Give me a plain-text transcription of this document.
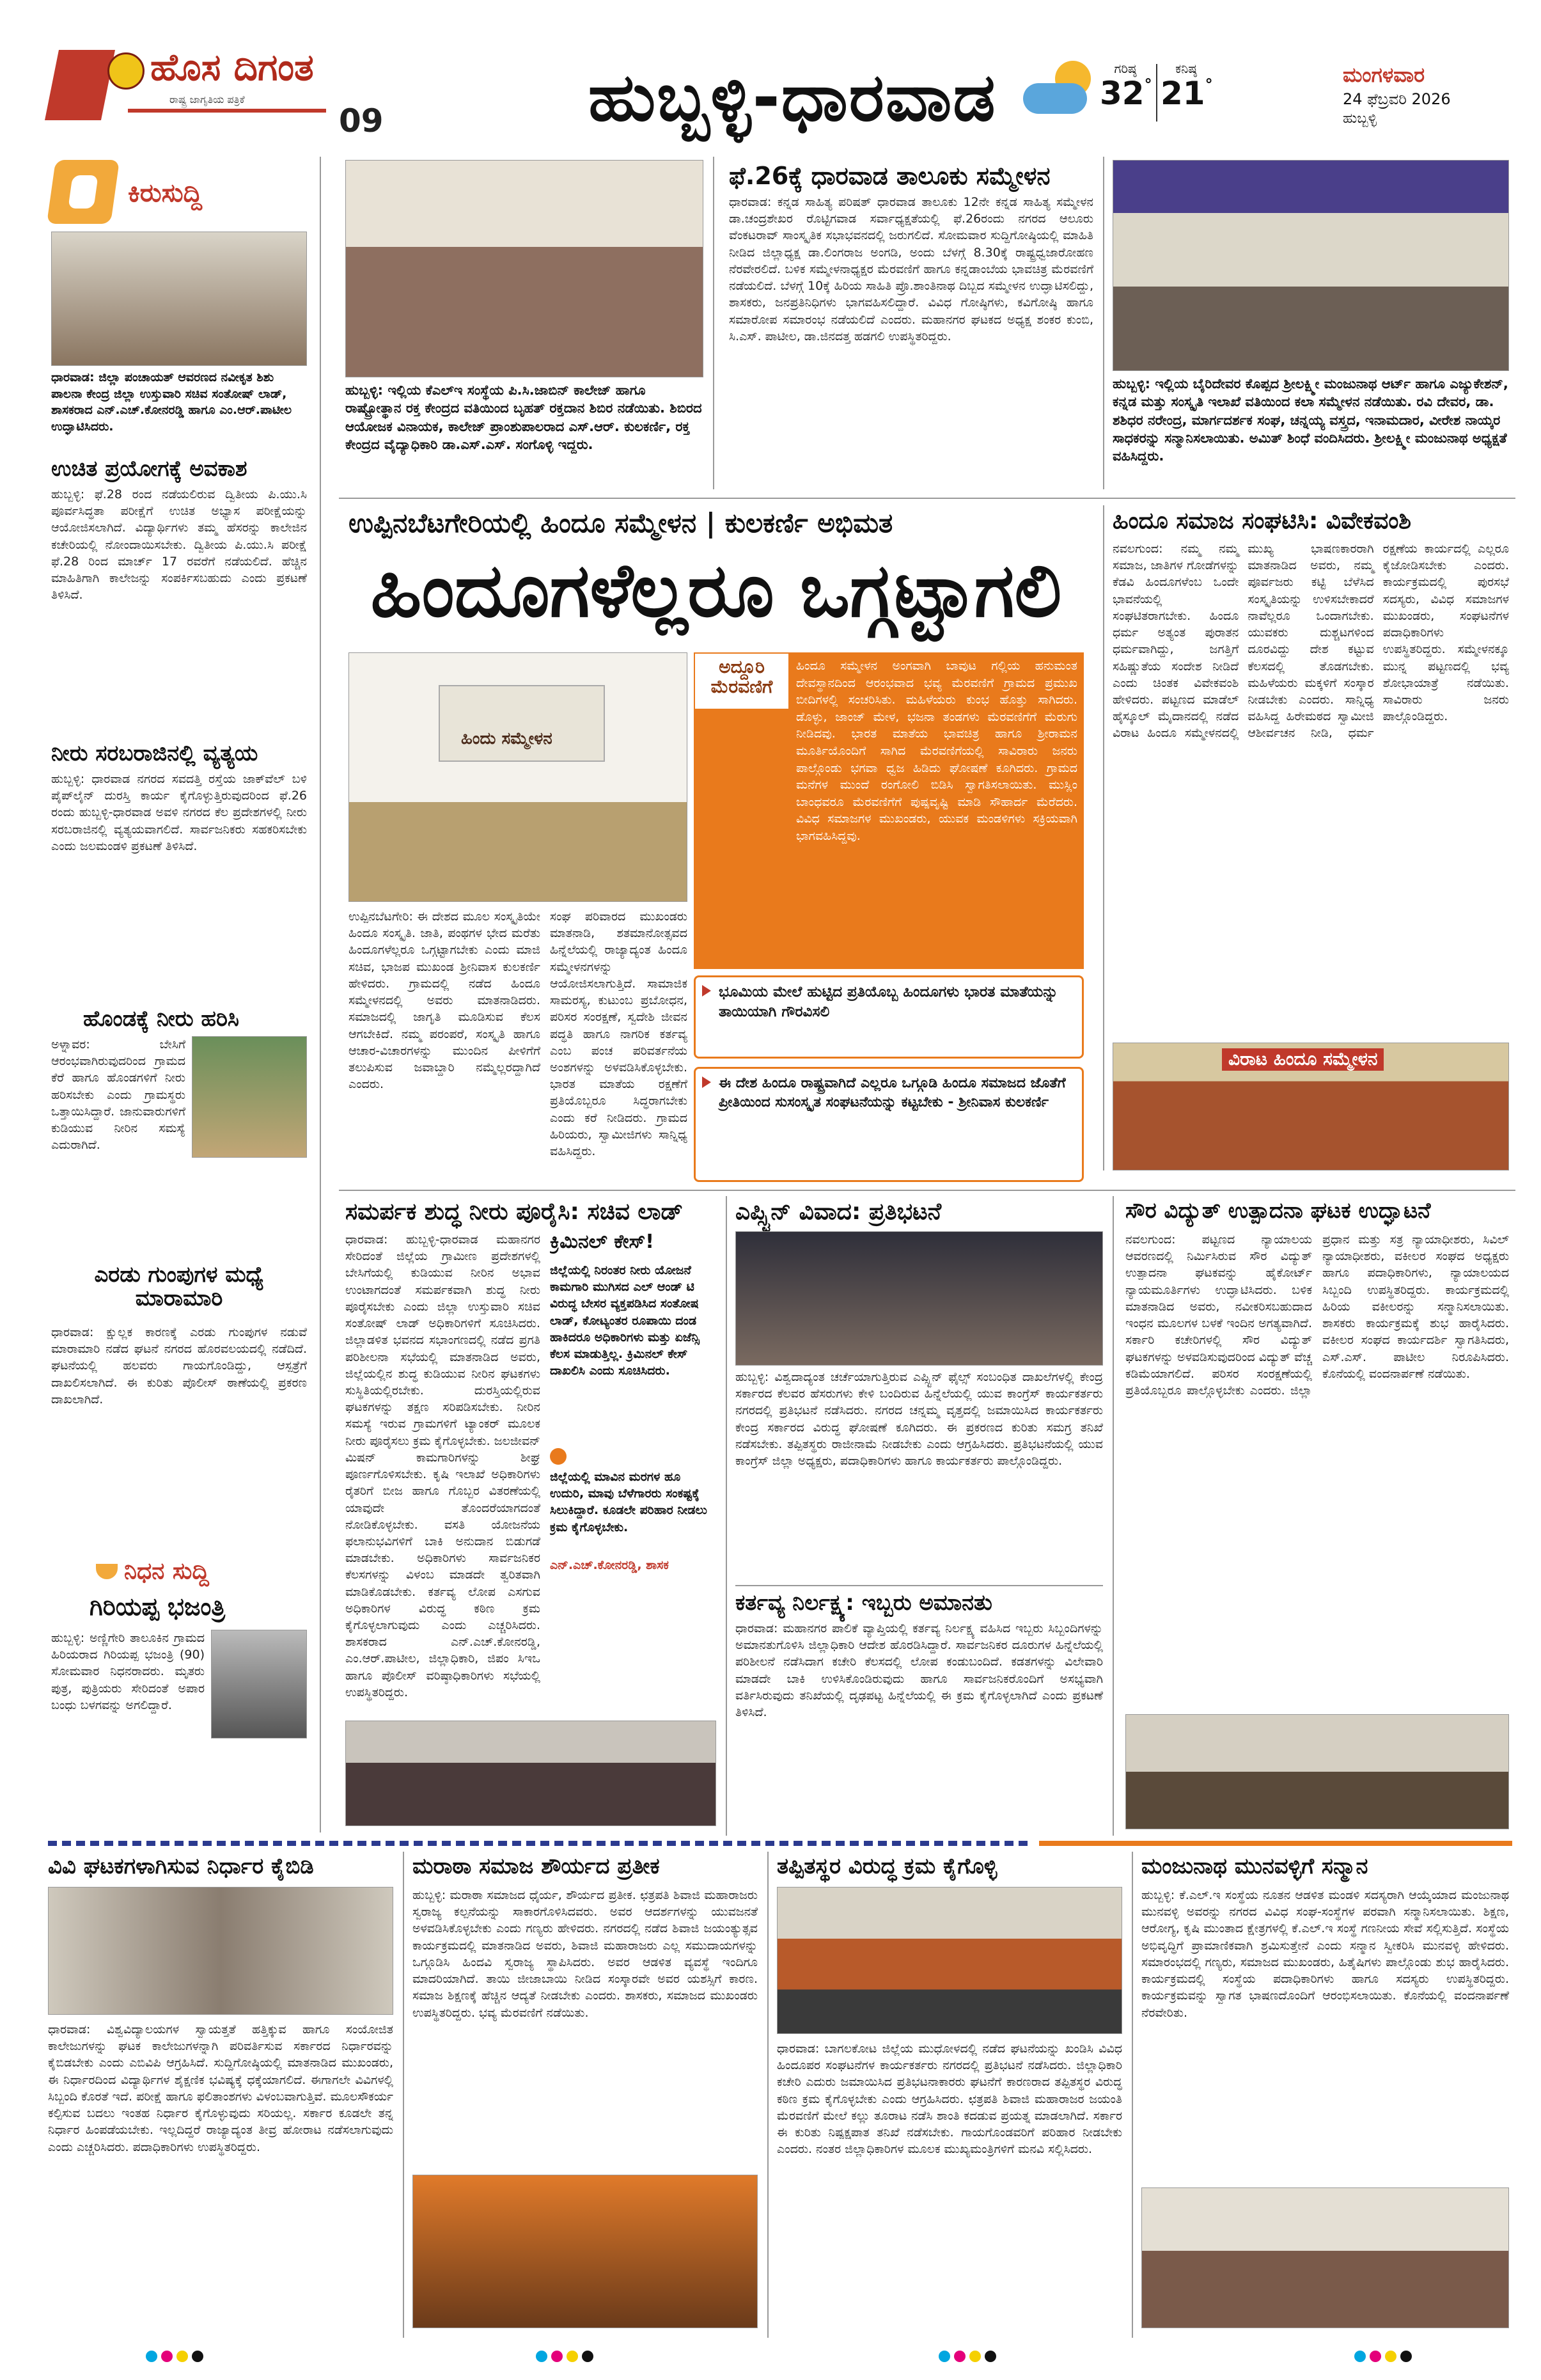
ಹೊಸ ದಿಗಂತ
ರಾಷ್ಟ್ರ ಜಾಗೃತಿಯ ಪತ್ರಿಕೆ
09	ಹುಬ್ಬಳ್ಳಿ-ಧಾರವಾಡ	ಗರಿಷ್ಠ
32°
ಕನಿಷ್ಠ
21°	ಮಂಗಳವಾರ
24 ಫೆಬ್ರವರಿ 2026
ಹುಬ್ಬಳ್ಳಿ
ಕಿರುಸುದ್ದಿ
ಧಾರವಾಡ: ಜಿಲ್ಲಾ ಪಂಚಾಯತ್ ಆವರಣದ ನವೀಕೃತ ಶಿಶು ಪಾಲನಾ ಕೇಂದ್ರ ಜಿಲ್ಲಾ ಉಸ್ತುವಾರಿ ಸಚಿವ ಸಂತೋಷ್ ಲಾಡ್, ಶಾಸಕರಾದ ಎನ್.ಎಚ್.ಕೋನರಡ್ಡಿ ಹಾಗೂ ಎಂ.ಆರ್.ಪಾಟೀಲ ಉದ್ಘಾಟಿಸಿದರು.
ಉಚಿತ ಪ್ರಯೋಗಕ್ಕೆ ಅವಕಾಶ
ಹುಬ್ಬಳ್ಳಿ: ಫೆ.28 ರಂದ ನಡೆಯಲಿರುವ ದ್ವಿತೀಯ ಪಿ.ಯು.ಸಿ ಪೂರ್ವಸಿದ್ಧತಾ ಪರೀಕ್ಷೆಗೆ ಉಚಿತ ಅಭ್ಯಾಸ ಪರೀಕ್ಷೆಯನ್ನು ಆಯೋಜಿಸಲಾಗಿದೆ. ವಿದ್ಯಾರ್ಥಿಗಳು ತಮ್ಮ ಹೆಸರನ್ನು ಕಾಲೇಜಿನ ಕಚೇರಿಯಲ್ಲಿ ನೋಂದಾಯಿಸಬೇಕು. ದ್ವಿತೀಯ ಪಿ.ಯು.ಸಿ ಪರೀಕ್ಷೆ ಫೆ.28 ರಿಂದ ಮಾರ್ಚ್ 17 ರವರೆಗೆ ನಡೆಯಲಿದೆ. ಹೆಚ್ಚಿನ ಮಾಹಿತಿಗಾಗಿ ಕಾಲೇಜನ್ನು ಸಂಪರ್ಕಿಸಬಹುದು ಎಂದು ಪ್ರಕಟಣೆ ತಿಳಿಸಿದೆ.
ನೀರು ಸರಬರಾಜಿನಲ್ಲಿ ವ್ಯತ್ಯಯ
ಹುಬ್ಬಳ್ಳಿ: ಧಾರವಾಡ ನಗರದ ಸವದತ್ತಿ ರಸ್ತೆಯ ಜಾಕ್‌ವೆಲ್ ಬಳಿ ಪೈಪ್‌ಲೈನ್ ದುರಸ್ತಿ ಕಾರ್ಯ ಕೈಗೊಳ್ಳುತ್ತಿರುವುದರಿಂದ ಫೆ.26 ರಂದು ಹುಬ್ಬಳ್ಳಿ-ಧಾರವಾಡ ಅವಳಿ ನಗರದ ಕೆಲ ಪ್ರದೇಶಗಳಲ್ಲಿ ನೀರು ಸರಬರಾಜಿನಲ್ಲಿ ವ್ಯತ್ಯಯವಾಗಲಿದೆ. ಸಾರ್ವಜನಿಕರು ಸಹಕರಿಸಬೇಕು ಎಂದು ಜಲಮಂಡಳಿ ಪ್ರಕಟಣೆ ತಿಳಿಸಿದೆ.
ಹೊಂಡಕ್ಕೆ ನೀರು ಹರಿಸಿ
ಅಳ್ನಾವರ: ಬೇಸಿಗೆ ಆರಂಭವಾಗಿರುವುದರಿಂದ ಗ್ರಾಮದ ಕೆರೆ ಹಾಗೂ ಹೊಂಡಗಳಿಗೆ ನೀರು ಹರಿಸಬೇಕು ಎಂದು ಗ್ರಾಮಸ್ಥರು ಒತ್ತಾಯಿಸಿದ್ದಾರೆ. ಜಾನುವಾರುಗಳಿಗೆ ಕುಡಿಯುವ ನೀರಿನ ಸಮಸ್ಯೆ ಎದುರಾಗಿದೆ.
ಎರಡು ಗುಂಪುಗಳ ಮಧ್ಯೆ ಮಾರಾಮಾರಿ
ಧಾರವಾಡ: ಕ್ಷುಲ್ಲಕ ಕಾರಣಕ್ಕೆ ಎರಡು ಗುಂಪುಗಳ ನಡುವೆ ಮಾರಾಮಾರಿ ನಡೆದ ಘಟನೆ ನಗರದ ಹೊರವಲಯದಲ್ಲಿ ನಡೆದಿದೆ. ಘಟನೆಯಲ್ಲಿ ಹಲವರು ಗಾಯಗೊಂಡಿದ್ದು, ಆಸ್ಪತ್ರೆಗೆ ದಾಖಲಿಸಲಾಗಿದೆ. ಈ ಕುರಿತು ಪೊಲೀಸ್ ಠಾಣೆಯಲ್ಲಿ ಪ್ರಕರಣ ದಾಖಲಾಗಿದೆ.
ನಿಧನ ಸುದ್ದಿ
ಗಿರಿಯಪ್ಪ ಭಜಂತ್ರಿ
ಹುಬ್ಬಳ್ಳಿ: ಅಣ್ಣಿಗೇರಿ ತಾಲೂಕಿನ ಗ್ರಾಮದ ಹಿರಿಯರಾದ ಗಿರಿಯಪ್ಪ ಭಜಂತ್ರಿ (90) ಸೋಮವಾರ ನಿಧನರಾದರು. ಮೃತರು ಪುತ್ರ, ಪುತ್ರಿಯರು ಸೇರಿದಂತೆ ಅಪಾರ ಬಂಧು ಬಳಗವನ್ನು ಅಗಲಿದ್ದಾರೆ.
ಹುಬ್ಬಳ್ಳಿ: ಇಲ್ಲಿಯ ಕೆಎಲ್‌ಇ ಸಂಸ್ಥೆಯ ಪಿ.ಸಿ.ಜಾಬಿನ್ ಕಾಲೇಜ್ ಹಾಗೂ ರಾಷ್ಟ್ರೋತ್ಥಾನ ರಕ್ತ ಕೇಂದ್ರದ ವತಿಯಿಂದ ಬೃಹತ್ ರಕ್ತದಾನ ಶಿಬಿರ ನಡೆಯಿತು. ಶಿಬಿರದ ಆಯೋಜಕ ವಿನಾಯಕ, ಕಾಲೇಜ್ ಪ್ರಾಂಶುಪಾಲರಾದ ಎಸ್.ಆರ್. ಕುಲಕರ್ಣಿ, ರಕ್ತ ಕೇಂದ್ರದ ವೈದ್ಯಾಧಿಕಾರಿ ಡಾ.ಎಸ್.ಎಸ್. ಸಂಗೊಳ್ಳಿ ಇದ್ದರು.
ಫೆ.26ಕ್ಕೆ ಧಾರವಾಡ ತಾಲೂಕು ಸಮ್ಮೇಳನ
ಧಾರವಾಡ: ಕನ್ನಡ ಸಾಹಿತ್ಯ ಪರಿಷತ್ ಧಾರವಾಡ ತಾಲೂಕು 12ನೇ ಕನ್ನಡ ಸಾಹಿತ್ಯ ಸಮ್ಮೇಳನ ಡಾ.ಚಂದ್ರಶೇಖರ ರೊಟ್ಟಿಗವಾಡ ಸರ್ವಾಧ್ಯಕ್ಷತೆಯಲ್ಲಿ ಫೆ.26ರಂದು ನಗರದ ಆಲೂರು ವೆಂಕಟರಾವ್ ಸಾಂಸ್ಕೃತಿಕ ಸಭಾಭವನದಲ್ಲಿ ಜರುಗಲಿದೆ. ಸೋಮವಾರ ಸುದ್ದಿಗೋಷ್ಠಿಯಲ್ಲಿ ಮಾಹಿತಿ ನೀಡಿದ ಜಿಲ್ಲಾಧ್ಯಕ್ಷ ಡಾ.ಲಿಂಗರಾಜ ಅಂಗಡಿ, ಅಂದು ಬೆಳಗ್ಗೆ 8.30ಕ್ಕೆ ರಾಷ್ಟ್ರಧ್ವಜಾರೋಹಣ ನೆರವೇರಲಿದೆ. ಬಳಿಕ ಸಮ್ಮೇಳನಾಧ್ಯಕ್ಷರ ಮೆರವಣಿಗೆ ಹಾಗೂ ಕನ್ನಡಾಂಬೆಯ ಭಾವಚಿತ್ರ ಮೆರವಣಿಗೆ ನಡೆಯಲಿದೆ. ಬೆಳಗ್ಗೆ 10ಕ್ಕೆ ಹಿರಿಯ ಸಾಹಿತಿ ಪ್ರೊ.ಶಾಂತಿನಾಥ ದಿಬ್ಬದ ಸಮ್ಮೇಳನ ಉದ್ಘಾಟಿಸಲಿದ್ದು, ಶಾಸಕರು, ಜನಪ್ರತಿನಿಧಿಗಳು ಭಾಗವಹಿಸಲಿದ್ದಾರೆ. ವಿವಿಧ ಗೋಷ್ಠಿಗಳು, ಕವಿಗೋಷ್ಠಿ ಹಾಗೂ ಸಮಾರೋಪ ಸಮಾರಂಭ ನಡೆಯಲಿದೆ ಎಂದರು. ಮಹಾನಗರ ಘಟಕದ ಅಧ್ಯಕ್ಷ ಶಂಕರ ಕುಂಬಿ, ಸಿ.ಎಸ್. ಪಾಟೀಲ, ಡಾ.ಜಿನದತ್ತ ಹಡಗಲಿ ಉಪಸ್ಥಿತರಿದ್ದರು.
ಹುಬ್ಬಳ್ಳಿ: ಇಲ್ಲಿಯ ಬೈರಿದೇವರ ಕೊಪ್ಪದ ಶ್ರೀಲಕ್ಷ್ಮೀ ಮಂಜುನಾಥ ಆರ್ಟ್ ಹಾಗೂ ಎಜ್ಯುಕೇಶನ್, ಕನ್ನಡ ಮತ್ತು ಸಂಸ್ಕೃತಿ ಇಲಾಖೆ ವತಿಯಿಂದ ಕಲಾ ಸಮ್ಮೇಳನ ನಡೆಯಿತು. ರವಿ ದೇವರ, ಡಾ. ಶಶಿಧರ ನರೇಂದ್ರ, ಮಾರ್ಗದರ್ಶಕ ಸಂಘ, ಚನ್ನಯ್ಯ ವಸ್ತ್ರದ, ಇನಾಮದಾರ, ವೀರೇಶ ನಾಯ್ಕರ ಸಾಧಕರನ್ನು ಸನ್ಮಾನಿಸಲಾಯಿತು. ಅಮಿತ್ ಶಿಂಧೆ ವಂದಿಸಿದರು. ಶ್ರೀಲಕ್ಷ್ಮೀ ಮಂಜುನಾಥ ಅಧ್ಯಕ್ಷತೆ ವಹಿಸಿದ್ದರು.
ಉಪ್ಪಿನಬೆಟಗೇರಿಯಲ್ಲಿ ಹಿಂದೂ ಸಮ್ಮೇಳನ | ಕುಲಕರ್ಣಿ ಅಭಿಮತ
ಹಿಂದೂಗಳೆಲ್ಲರೂ ಒಗ್ಗಟ್ಟಾಗಲಿ
ಹಿಂದು ಸಮ್ಮೇಳನ
ಅದ್ದೂರಿ ಮೆರವಣಿಗೆ
ಹಿಂದೂ ಸಮ್ಮೇಳನ ಅಂಗವಾಗಿ ಬಾವುಟ ಗಲ್ಲಿಯ ಹನುಮಂತ ದೇವಸ್ಥಾನದಿಂದ ಆರಂಭವಾದ ಭವ್ಯ ಮೆರವಣಿಗೆ ಗ್ರಾಮದ ಪ್ರಮುಖ ಬೀದಿಗಳಲ್ಲಿ ಸಂಚರಿಸಿತು. ಮಹಿಳೆಯರು ಕುಂಭ ಹೊತ್ತು ಸಾಗಿದರು. ಡೊಳ್ಳು, ಜಾಂಜ್ ಮೇಳ, ಭಜನಾ ತಂಡಗಳು ಮೆರವಣಿಗೆಗೆ ಮೆರುಗು ನೀಡಿದವು. ಭಾರತ ಮಾತೆಯ ಭಾವಚಿತ್ರ ಹಾಗೂ ಶ್ರೀರಾಮನ ಮೂರ್ತಿಯೊಂದಿಗೆ ಸಾಗಿದ ಮೆರವಣಿಗೆಯಲ್ಲಿ ಸಾವಿರಾರು ಜನರು ಪಾಲ್ಗೊಂಡು ಭಗವಾ ಧ್ವಜ ಹಿಡಿದು ಘೋಷಣೆ ಕೂಗಿದರು. ಗ್ರಾಮದ ಮನೆಗಳ ಮುಂದೆ ರಂಗೋಲಿ ಬಿಡಿಸಿ ಸ್ವಾಗತಿಸಲಾಯಿತು. ಮುಸ್ಲಿಂ ಬಾಂಧವರೂ ಮೆರವಣಿಗೆಗೆ ಪುಷ್ಪವೃಷ್ಟಿ ಮಾಡಿ ಸೌಹಾರ್ದ ಮೆರೆದರು. ವಿವಿಧ ಸಮಾಜಗಳ ಮುಖಂಡರು, ಯುವಕ ಮಂಡಳಿಗಳು ಸಕ್ರಿಯವಾಗಿ ಭಾಗವಹಿಸಿದ್ದವು.
ಉಪ್ಪಿನಬೆಟಗೇರಿ: ಈ ದೇಶದ ಮೂಲ ಸಂಸ್ಕೃತಿಯೇ ಹಿಂದೂ ಸಂಸ್ಕೃತಿ. ಜಾತಿ, ಪಂಥಗಳ ಭೇದ ಮರೆತು ಹಿಂದೂಗಳೆಲ್ಲರೂ ಒಗ್ಗಟ್ಟಾಗಬೇಕು ಎಂದು ಮಾಜಿ ಸಚಿವ, ಭಾಜಪ ಮುಖಂಡ ಶ್ರೀನಿವಾಸ ಕುಲಕರ್ಣಿ ಹೇಳಿದರು. ಗ್ರಾಮದಲ್ಲಿ ನಡೆದ ಹಿಂದೂ ಸಮ್ಮೇಳನದಲ್ಲಿ ಅವರು ಮಾತನಾಡಿದರು. ಸಮಾಜದಲ್ಲಿ ಜಾಗೃತಿ ಮೂಡಿಸುವ ಕೆಲಸ ಆಗಬೇಕಿದೆ. ನಮ್ಮ ಪರಂಪರೆ, ಸಂಸ್ಕೃತಿ ಹಾಗೂ ಆಚಾರ-ವಿಚಾರಗಳನ್ನು ಮುಂದಿನ ಪೀಳಿಗೆಗೆ ತಲುಪಿಸುವ ಜವಾಬ್ದಾರಿ ನಮ್ಮೆಲ್ಲರದ್ದಾಗಿದೆ ಎಂದರು.
ಸಂಘ ಪರಿವಾರದ ಮುಖಂಡರು ಮಾತನಾಡಿ, ಶತಮಾನೋತ್ಸವದ ಹಿನ್ನೆಲೆಯಲ್ಲಿ ರಾಜ್ಯಾದ್ಯಂತ ಹಿಂದೂ ಸಮ್ಮೇಳನಗಳನ್ನು ಆಯೋಜಿಸಲಾಗುತ್ತಿದೆ. ಸಾಮಾಜಿಕ ಸಾಮರಸ್ಯ, ಕುಟುಂಬ ಪ್ರಬೋಧನ, ಪರಿಸರ ಸಂರಕ್ಷಣೆ, ಸ್ವದೇಶಿ ಜೀವನ ಪದ್ಧತಿ ಹಾಗೂ ನಾಗರಿಕ ಕರ್ತವ್ಯ ಎಂಬ ಪಂಚ ಪರಿವರ್ತನೆಯ ಅಂಶಗಳನ್ನು ಅಳವಡಿಸಿಕೊಳ್ಳಬೇಕು. ಭಾರತ ಮಾತೆಯ ರಕ್ಷಣೆಗೆ ಪ್ರತಿಯೊಬ್ಬರೂ ಸಿದ್ಧರಾಗಬೇಕು ಎಂದು ಕರೆ ನೀಡಿದರು. ಗ್ರಾಮದ ಹಿರಿಯರು, ಸ್ವಾಮೀಜಿಗಳು ಸಾನ್ನಿಧ್ಯ ವಹಿಸಿದ್ದರು.
ಭೂಮಿಯ ಮೇಲೆ ಹುಟ್ಟಿದ ಪ್ರತಿಯೊಬ್ಬ ಹಿಂದೂಗಳು ಭಾರತ ಮಾತೆಯನ್ನು ತಾಯಿಯಾಗಿ ಗೌರವಿಸಲಿ
ಈ ದೇಶ ಹಿಂದೂ ರಾಷ್ಟ್ರವಾಗಿದೆ ಎಲ್ಲರೂ ಒಗ್ಗೂಡಿ ಹಿಂದೂ ಸಮಾಜದ ಜೊತೆಗೆ ಪ್ರೀತಿಯಿಂದ ಸುಸಂಸ್ಕೃತ ಸಂಘಟನೆಯನ್ನು ಕಟ್ಟಬೇಕು - ಶ್ರೀನಿವಾಸ ಕುಲಕರ್ಣಿ
ಹಿಂದೂ ಸಮಾಜ ಸಂಘಟಿಸಿ: ವಿವೇಕವಂಶಿ
ನವಲಗುಂದ: ನಮ್ಮ ನಮ್ಮ ಸಮಾಜ, ಜಾತಿಗಳ ಗೋಡೆಗಳನ್ನು ಕೆಡವಿ ಹಿಂದೂಗಳೆಂಬ ಒಂದೇ ಭಾವನೆಯಲ್ಲಿ ಸಂಘಟಿತರಾಗಬೇಕು. ಹಿಂದೂ ಧರ್ಮ ಅತ್ಯಂತ ಪುರಾತನ ಧರ್ಮವಾಗಿದ್ದು, ಜಗತ್ತಿಗೆ ಸಹಿಷ್ಣುತೆಯ ಸಂದೇಶ ನೀಡಿದೆ ಎಂದು ಚಿಂತಕ ವಿವೇಕವಂಶಿ ಹೇಳಿದರು. ಪಟ್ಟಣದ ಮಾಡೆಲ್ ಹೈಸ್ಕೂಲ್ ಮೈದಾನದಲ್ಲಿ ನಡೆದ ವಿರಾಟ ಹಿಂದೂ ಸಮ್ಮೇಳನದಲ್ಲಿ ಮುಖ್ಯ ಭಾಷಣಕಾರರಾಗಿ ಮಾತನಾಡಿದ ಅವರು, ನಮ್ಮ ಪೂರ್ವಜರು ಕಟ್ಟಿ ಬೆಳೆಸಿದ ಸಂಸ್ಕೃತಿಯನ್ನು ಉಳಿಸಬೇಕಾದರೆ ನಾವೆಲ್ಲರೂ ಒಂದಾಗಬೇಕು. ಯುವಕರು ದುಶ್ಚಟಗಳಿಂದ ದೂರವಿದ್ದು ದೇಶ ಕಟ್ಟುವ ಕೆಲಸದಲ್ಲಿ ತೊಡಗಬೇಕು. ಮಹಿಳೆಯರು ಮಕ್ಕಳಿಗೆ ಸಂಸ್ಕಾರ ನೀಡಬೇಕು ಎಂದರು. ಸಾನ್ನಿಧ್ಯ ವಹಿಸಿದ್ದ ಹಿರೇಮಠದ ಸ್ವಾಮೀಜಿ ಆಶೀರ್ವಚನ ನೀಡಿ, ಧರ್ಮ ರಕ್ಷಣೆಯ ಕಾರ್ಯದಲ್ಲಿ ಎಲ್ಲರೂ ಕೈಜೋಡಿಸಬೇಕು ಎಂದರು. ಕಾರ್ಯಕ್ರಮದಲ್ಲಿ ಪುರಸಭೆ ಸದಸ್ಯರು, ವಿವಿಧ ಸಮಾಜಗಳ ಮುಖಂಡರು, ಸಂಘಟನೆಗಳ ಪದಾಧಿಕಾರಿಗಳು ಉಪಸ್ಥಿತರಿದ್ದರು. ಸಮ್ಮೇಳನಕ್ಕೂ ಮುನ್ನ ಪಟ್ಟಣದಲ್ಲಿ ಭವ್ಯ ಶೋಭಾಯಾತ್ರೆ ನಡೆಯಿತು. ಸಾವಿರಾರು ಜನರು ಪಾಲ್ಗೊಂಡಿದ್ದರು.
ವಿರಾಟ ಹಿಂದೂ ಸಮ್ಮೇಳನ
ಸಮರ್ಪಕ ಶುದ್ಧ ನೀರು ಪೂರೈಸಿ: ಸಚಿವ ಲಾಡ್
ಧಾರವಾಡ: ಹುಬ್ಬಳ್ಳಿ-ಧಾರವಾಡ ಮಹಾನಗರ ಸೇರಿದಂತೆ ಜಿಲ್ಲೆಯ ಗ್ರಾಮೀಣ ಪ್ರದೇಶಗಳಲ್ಲಿ ಬೇಸಿಗೆಯಲ್ಲಿ ಕುಡಿಯುವ ನೀರಿನ ಅಭಾವ ಉಂಟಾಗದಂತೆ ಸಮರ್ಪಕವಾಗಿ ಶುದ್ಧ ನೀರು ಪೂರೈಸಬೇಕು ಎಂದು ಜಿಲ್ಲಾ ಉಸ್ತುವಾರಿ ಸಚಿವ ಸಂತೋಷ್ ಲಾಡ್ ಅಧಿಕಾರಿಗಳಿಗೆ ಸೂಚಿಸಿದರು. ಜಿಲ್ಲಾಡಳಿತ ಭವನದ ಸಭಾಂಗಣದಲ್ಲಿ ನಡೆದ ಪ್ರಗತಿ ಪರಿಶೀಲನಾ ಸಭೆಯಲ್ಲಿ ಮಾತನಾಡಿದ ಅವರು, ಜಿಲ್ಲೆಯಲ್ಲಿನ ಶುದ್ಧ ಕುಡಿಯುವ ನೀರಿನ ಘಟಕಗಳು ಸುಸ್ಥಿತಿಯಲ್ಲಿರಬೇಕು. ದುರಸ್ತಿಯಲ್ಲಿರುವ ಘಟಕಗಳನ್ನು ತಕ್ಷಣ ಸರಿಪಡಿಸಬೇಕು. ನೀರಿನ ಸಮಸ್ಯೆ ಇರುವ ಗ್ರಾಮಗಳಿಗೆ ಟ್ಯಾಂಕರ್ ಮೂಲಕ ನೀರು ಪೂರೈಸಲು ಕ್ರಮ ಕೈಗೊಳ್ಳಬೇಕು. ಜಲಜೀವನ್ ಮಿಷನ್ ಕಾಮಗಾರಿಗಳನ್ನು ಶೀಘ್ರ ಪೂರ್ಣಗೊಳಿಸಬೇಕು. ಕೃಷಿ ಇಲಾಖೆ ಅಧಿಕಾರಿಗಳು ರೈತರಿಗೆ ಬೀಜ ಹಾಗೂ ಗೊಬ್ಬರ ವಿತರಣೆಯಲ್ಲಿ ಯಾವುದೇ ತೊಂದರೆಯಾಗದಂತೆ ನೋಡಿಕೊಳ್ಳಬೇಕು. ವಸತಿ ಯೋಜನೆಯ ಫಲಾನುಭವಿಗಳಿಗೆ ಬಾಕಿ ಅನುದಾನ ಬಿಡುಗಡೆ ಮಾಡಬೇಕು. ಅಧಿಕಾರಿಗಳು ಸಾರ್ವಜನಿಕರ ಕೆಲಸಗಳನ್ನು ವಿಳಂಬ ಮಾಡದೇ ತ್ವರಿತವಾಗಿ ಮಾಡಿಕೊಡಬೇಕು. ಕರ್ತವ್ಯ ಲೋಪ ಎಸಗುವ ಅಧಿಕಾರಿಗಳ ವಿರುದ್ಧ ಕಠಿಣ ಕ್ರಮ ಕೈಗೊಳ್ಳಲಾಗುವುದು ಎಂದು ಎಚ್ಚರಿಸಿದರು. ಶಾಸಕರಾದ ಎನ್.ಎಚ್.ಕೋನರಡ್ಡಿ, ಎಂ.ಆರ್.ಪಾಟೀಲ, ಜಿಲ್ಲಾಧಿಕಾರಿ, ಜಿಪಂ ಸಿಇಒ ಹಾಗೂ ಪೊಲೀಸ್ ವರಿಷ್ಠಾಧಿಕಾರಿಗಳು ಸಭೆಯಲ್ಲಿ ಉಪಸ್ಥಿತರಿದ್ದರು.
ಕ್ರಿಮಿನಲ್ ಕೇಸ್!
ಜಿಲ್ಲೆಯಲ್ಲಿ ನಿರಂತರ ನೀರು ಯೋಜನೆ ಕಾಮಗಾರಿ ಮುಗಿಸದ ಎಲ್ ಆಂಡ್ ಟಿ ವಿರುದ್ಧ ಬೇಸರ ವ್ಯಕ್ತಪಡಿಸಿದ ಸಂತೋಷ ಲಾಡ್, ಕೋಟ್ಯಂತರ ರೂಪಾಯಿ ದಂಡ ಹಾಕಿದರೂ ಅಧಿಕಾರಿಗಳು ಮತ್ತು ಏಜೆನ್ಸಿ ಕೆಲಸ ಮಾಡುತ್ತಿಲ್ಲ. ಕ್ರಿಮಿನಲ್ ಕೇಸ್ ದಾಖಲಿಸಿ ಎಂದು ಸೂಚಿಸಿದರು.
ಜಿಲ್ಲೆಯಲ್ಲಿ ಮಾವಿನ ಮರಗಳ ಹೂ ಉದುರಿ, ಮಾವು ಬೆಳೆಗಾರರು ಸಂಕಷ್ಟಕ್ಕೆ ಸಿಲುಕಿದ್ದಾರೆ. ಕೂಡಲೇ ಪರಿಹಾರ ನೀಡಲು ಕ್ರಮ ಕೈಗೊಳ್ಳಬೇಕು.
ಎನ್.ಎಚ್.ಕೋನರಡ್ಡಿ, ಶಾಸಕ
ಎಪ್ಸ್ಟಿನ್ ವಿವಾದ: ಪ್ರತಿಭಟನೆ
ಹುಬ್ಬಳ್ಳಿ: ವಿಶ್ವದಾದ್ಯಂತ ಚರ್ಚೆಯಾಗುತ್ತಿರುವ ಎಪ್ಸ್ಟಿನ್ ಫೈಲ್ಸ್ ಸಂಬಂಧಿತ ದಾಖಲೆಗಳಲ್ಲಿ ಕೇಂದ್ರ ಸರ್ಕಾರದ ಕೆಲವರ ಹೆಸರುಗಳು ಕೇಳಿ ಬಂದಿರುವ ಹಿನ್ನೆಲೆಯಲ್ಲಿ ಯುವ ಕಾಂಗ್ರೆಸ್ ಕಾರ್ಯಕರ್ತರು ನಗರದಲ್ಲಿ ಪ್ರತಿಭಟನೆ ನಡೆಸಿದರು. ನಗರದ ಚನ್ನಮ್ಮ ವೃತ್ತದಲ್ಲಿ ಜಮಾಯಿಸಿದ ಕಾರ್ಯಕರ್ತರು ಕೇಂದ್ರ ಸರ್ಕಾರದ ವಿರುದ್ಧ ಘೋಷಣೆ ಕೂಗಿದರು. ಈ ಪ್ರಕರಣದ ಕುರಿತು ಸಮಗ್ರ ತನಿಖೆ ನಡೆಸಬೇಕು. ತಪ್ಪಿತಸ್ಥರು ರಾಜೀನಾಮೆ ನೀಡಬೇಕು ಎಂದು ಆಗ್ರಹಿಸಿದರು. ಪ್ರತಿಭಟನೆಯಲ್ಲಿ ಯುವ ಕಾಂಗ್ರೆಸ್ ಜಿಲ್ಲಾ ಅಧ್ಯಕ್ಷರು, ಪದಾಧಿಕಾರಿಗಳು ಹಾಗೂ ಕಾರ್ಯಕರ್ತರು ಪಾಲ್ಗೊಂಡಿದ್ದರು.
ಕರ್ತವ್ಯ ನಿರ್ಲಕ್ಷ್ಯ: ಇಬ್ಬರು ಅಮಾನತು
ಧಾರವಾಡ: ಮಹಾನಗರ ಪಾಲಿಕೆ ವ್ಯಾಪ್ತಿಯಲ್ಲಿ ಕರ್ತವ್ಯ ನಿರ್ಲಕ್ಷ್ಯ ವಹಿಸಿದ ಇಬ್ಬರು ಸಿಬ್ಬಂದಿಗಳನ್ನು ಅಮಾನತುಗೊಳಿಸಿ ಜಿಲ್ಲಾಧಿಕಾರಿ ಆದೇಶ ಹೊರಡಿಸಿದ್ದಾರೆ. ಸಾರ್ವಜನಿಕರ ದೂರುಗಳ ಹಿನ್ನೆಲೆಯಲ್ಲಿ ಪರಿಶೀಲನೆ ನಡೆಸಿದಾಗ ಕಚೇರಿ ಕೆಲಸದಲ್ಲಿ ಲೋಪ ಕಂಡುಬಂದಿದೆ. ಕಡತಗಳನ್ನು ವಿಲೇವಾರಿ ಮಾಡದೇ ಬಾಕಿ ಉಳಿಸಿಕೊಂಡಿರುವುದು ಹಾಗೂ ಸಾರ್ವಜನಿಕರೊಂದಿಗೆ ಅಸಭ್ಯವಾಗಿ ವರ್ತಿಸಿರುವುದು ತನಿಖೆಯಲ್ಲಿ ದೃಢಪಟ್ಟ ಹಿನ್ನೆಲೆಯಲ್ಲಿ ಈ ಕ್ರಮ ಕೈಗೊಳ್ಳಲಾಗಿದೆ ಎಂದು ಪ್ರಕಟಣೆ ತಿಳಿಸಿದೆ.
ಸೌರ ವಿದ್ಯುತ್ ಉತ್ಪಾದನಾ ಘಟಕ ಉದ್ಘಾಟನೆ
ನವಲಗುಂದ: ಪಟ್ಟಣದ ನ್ಯಾಯಾಲಯ ಆವರಣದಲ್ಲಿ ನಿರ್ಮಿಸಿರುವ ಸೌರ ವಿದ್ಯುತ್ ಉತ್ಪಾದನಾ ಘಟಕವನ್ನು ಹೈಕೋರ್ಟ್ ನ್ಯಾಯಮೂರ್ತಿಗಳು ಉದ್ಘಾಟಿಸಿದರು. ಬಳಿಕ ಮಾತನಾಡಿದ ಅವರು, ನವೀಕರಿಸಬಹುದಾದ ಇಂಧನ ಮೂಲಗಳ ಬಳಕೆ ಇಂದಿನ ಅಗತ್ಯವಾಗಿದೆ. ಸರ್ಕಾರಿ ಕಚೇರಿಗಳಲ್ಲಿ ಸೌರ ವಿದ್ಯುತ್ ಘಟಕಗಳನ್ನು ಅಳವಡಿಸುವುದರಿಂದ ವಿದ್ಯುತ್ ವೆಚ್ಚ ಕಡಿಮೆಯಾಗಲಿದೆ. ಪರಿಸರ ಸಂರಕ್ಷಣೆಯಲ್ಲಿ ಪ್ರತಿಯೊಬ್ಬರೂ ಪಾಲ್ಗೊಳ್ಳಬೇಕು ಎಂದರು. ಜಿಲ್ಲಾ ಪ್ರಧಾನ ಮತ್ತು ಸತ್ರ ನ್ಯಾಯಾಧೀಶರು, ಸಿವಿಲ್ ನ್ಯಾಯಾಧೀಶರು, ವಕೀಲರ ಸಂಘದ ಅಧ್ಯಕ್ಷರು ಹಾಗೂ ಪದಾಧಿಕಾರಿಗಳು, ನ್ಯಾಯಾಲಯದ ಸಿಬ್ಬಂದಿ ಉಪಸ್ಥಿತರಿದ್ದರು. ಕಾರ್ಯಕ್ರಮದಲ್ಲಿ ಹಿರಿಯ ವಕೀಲರನ್ನು ಸನ್ಮಾನಿಸಲಾಯಿತು. ಶಾಸಕರು ಕಾರ್ಯಕ್ರಮಕ್ಕೆ ಶುಭ ಹಾರೈಸಿದರು. ವಕೀಲರ ಸಂಘದ ಕಾರ್ಯದರ್ಶಿ ಸ್ವಾಗತಿಸಿದರು, ಎಸ್.ಎಸ್. ಪಾಟೀಲ ನಿರೂಪಿಸಿದರು. ಕೊನೆಯಲ್ಲಿ ವಂದನಾರ್ಪಣೆ ನಡೆಯಿತು.
ವಿವಿ ಘಟಕಗಳಾಗಿಸುವ ನಿರ್ಧಾರ ಕೈಬಿಡಿ
ಧಾರವಾಡ: ವಿಶ್ವವಿದ್ಯಾಲಯಗಳ ಸ್ವಾಯತ್ತತೆ ಹತ್ತಿಕ್ಕುವ ಹಾಗೂ ಸಂಯೋಜಿತ ಕಾಲೇಜುಗಳನ್ನು ಘಟಕ ಕಾಲೇಜುಗಳನ್ನಾಗಿ ಪರಿವರ್ತಿಸುವ ಸರ್ಕಾರದ ನಿರ್ಧಾರವನ್ನು ಕೈಬಿಡಬೇಕು ಎಂದು ಎಬಿವಿಪಿ ಆಗ್ರಹಿಸಿದೆ. ಸುದ್ದಿಗೋಷ್ಠಿಯಲ್ಲಿ ಮಾತನಾಡಿದ ಮುಖಂಡರು, ಈ ನಿರ್ಧಾರದಿಂದ ವಿದ್ಯಾರ್ಥಿಗಳ ಶೈಕ್ಷಣಿಕ ಭವಿಷ್ಯಕ್ಕೆ ಧಕ್ಕೆಯಾಗಲಿದೆ. ಈಗಾಗಲೇ ವಿವಿಗಳಲ್ಲಿ ಸಿಬ್ಬಂದಿ ಕೊರತೆ ಇದೆ. ಪರೀಕ್ಷೆ ಹಾಗೂ ಫಲಿತಾಂಶಗಳು ವಿಳಂಬವಾಗುತ್ತಿವೆ. ಮೂಲಸೌಕರ್ಯ ಕಲ್ಪಿಸುವ ಬದಲು ಇಂತಹ ನಿರ್ಧಾರ ಕೈಗೊಳ್ಳುವುದು ಸರಿಯಲ್ಲ. ಸರ್ಕಾರ ಕೂಡಲೇ ತನ್ನ ನಿರ್ಧಾರ ಹಿಂಪಡೆಯಬೇಕು. ಇಲ್ಲದಿದ್ದರೆ ರಾಜ್ಯಾದ್ಯಂತ ತೀವ್ರ ಹೋರಾಟ ನಡೆಸಲಾಗುವುದು ಎಂದು ಎಚ್ಚರಿಸಿದರು. ಪದಾಧಿಕಾರಿಗಳು ಉಪಸ್ಥಿತರಿದ್ದರು.
ಮರಾಠಾ ಸಮಾಜ ಶೌರ್ಯದ ಪ್ರತೀಕ
ಹುಬ್ಬಳ್ಳಿ: ಮರಾಠಾ ಸಮಾಜದ ಧೈರ್ಯ, ಶೌರ್ಯದ ಪ್ರತೀಕ. ಛತ್ರಪತಿ ಶಿವಾಜಿ ಮಹಾರಾಜರು ಸ್ವರಾಜ್ಯ ಕಲ್ಪನೆಯನ್ನು ಸಾಕಾರಗೊಳಿಸಿದವರು. ಅವರ ಆದರ್ಶಗಳನ್ನು ಯುವಜನತೆ ಅಳವಡಿಸಿಕೊಳ್ಳಬೇಕು ಎಂದು ಗಣ್ಯರು ಹೇಳಿದರು. ನಗರದಲ್ಲಿ ನಡೆದ ಶಿವಾಜಿ ಜಯಂತ್ಯುತ್ಸವ ಕಾರ್ಯಕ್ರಮದಲ್ಲಿ ಮಾತನಾಡಿದ ಅವರು, ಶಿವಾಜಿ ಮಹಾರಾಜರು ಎಲ್ಲ ಸಮುದಾಯಗಳನ್ನು ಒಗ್ಗೂಡಿಸಿ ಹಿಂದವಿ ಸ್ವರಾಜ್ಯ ಸ್ಥಾಪಿಸಿದರು. ಅವರ ಆಡಳಿತ ವ್ಯವಸ್ಥೆ ಇಂದಿಗೂ ಮಾದರಿಯಾಗಿದೆ. ತಾಯಿ ಜೀಜಾಬಾಯಿ ನೀಡಿದ ಸಂಸ್ಕಾರವೇ ಅವರ ಯಶಸ್ಸಿಗೆ ಕಾರಣ. ಸಮಾಜ ಶಿಕ್ಷಣಕ್ಕೆ ಹೆಚ್ಚಿನ ಆದ್ಯತೆ ನೀಡಬೇಕು ಎಂದರು. ಶಾಸಕರು, ಸಮಾಜದ ಮುಖಂಡರು ಉಪಸ್ಥಿತರಿದ್ದರು. ಭವ್ಯ ಮೆರವಣಿಗೆ ನಡೆಯಿತು.
ತಪ್ಪಿತಸ್ಥರ ವಿರುದ್ಧ ಕ್ರಮ ಕೈಗೊಳ್ಳಿ
ಧಾರವಾಡ: ಬಾಗಲಕೋಟ ಜಿಲ್ಲೆಯ ಮುಧೋಳದಲ್ಲಿ ನಡೆದ ಘಟನೆಯನ್ನು ಖಂಡಿಸಿ ವಿವಿಧ ಹಿಂದೂಪರ ಸಂಘಟನೆಗಳ ಕಾರ್ಯಕರ್ತರು ನಗರದಲ್ಲಿ ಪ್ರತಿಭಟನೆ ನಡೆಸಿದರು. ಜಿಲ್ಲಾಧಿಕಾರಿ ಕಚೇರಿ ಎದುರು ಜಮಾಯಿಸಿದ ಪ್ರತಿಭಟನಾಕಾರರು ಘಟನೆಗೆ ಕಾರಣರಾದ ತಪ್ಪಿತಸ್ಥರ ವಿರುದ್ಧ ಕಠಿಣ ಕ್ರಮ ಕೈಗೊಳ್ಳಬೇಕು ಎಂದು ಆಗ್ರಹಿಸಿದರು. ಛತ್ರಪತಿ ಶಿವಾಜಿ ಮಹಾರಾಜರ ಜಯಂತಿ ಮೆರವಣಿಗೆ ಮೇಲೆ ಕಲ್ಲು ತೂರಾಟ ನಡೆಸಿ ಶಾಂತಿ ಕದಡುವ ಪ್ರಯತ್ನ ಮಾಡಲಾಗಿದೆ. ಸರ್ಕಾರ ಈ ಕುರಿತು ನಿಷ್ಪಕ್ಷಪಾತ ತನಿಖೆ ನಡೆಸಬೇಕು. ಗಾಯಗೊಂಡವರಿಗೆ ಪರಿಹಾರ ನೀಡಬೇಕು ಎಂದರು. ನಂತರ ಜಿಲ್ಲಾಧಿಕಾರಿಗಳ ಮೂಲಕ ಮುಖ್ಯಮಂತ್ರಿಗಳಿಗೆ ಮನವಿ ಸಲ್ಲಿಸಿದರು.
ಮಂಜುನಾಥ ಮುನವಳ್ಳಿಗೆ ಸನ್ಮಾನ
ಹುಬ್ಬಳ್ಳಿ: ಕೆ.ಎಲ್.ಇ ಸಂಸ್ಥೆಯ ನೂತನ ಆಡಳಿತ ಮಂಡಳಿ ಸದಸ್ಯರಾಗಿ ಆಯ್ಕೆಯಾದ ಮಂಜುನಾಥ ಮುನವಳ್ಳಿ ಅವರನ್ನು ನಗರದ ವಿವಿಧ ಸಂಘ-ಸಂಸ್ಥೆಗಳ ಪರವಾಗಿ ಸನ್ಮಾನಿಸಲಾಯಿತು. ಶಿಕ್ಷಣ, ಆರೋಗ್ಯ, ಕೃಷಿ ಮುಂತಾದ ಕ್ಷೇತ್ರಗಳಲ್ಲಿ ಕೆ.ಎಲ್.ಇ ಸಂಸ್ಥೆ ಗಣನೀಯ ಸೇವೆ ಸಲ್ಲಿಸುತ್ತಿದೆ. ಸಂಸ್ಥೆಯ ಅಭಿವೃದ್ಧಿಗೆ ಪ್ರಾಮಾಣಿಕವಾಗಿ ಶ್ರಮಿಸುತ್ತೇನೆ ಎಂದು ಸನ್ಮಾನ ಸ್ವೀಕರಿಸಿ ಮುನವಳ್ಳಿ ಹೇಳಿದರು. ಸಮಾರಂಭದಲ್ಲಿ ಗಣ್ಯರು, ಸಮಾಜದ ಮುಖಂಡರು, ಹಿತೈಷಿಗಳು ಪಾಲ್ಗೊಂಡು ಶುಭ ಹಾರೈಸಿದರು. ಕಾರ್ಯಕ್ರಮದಲ್ಲಿ ಸಂಸ್ಥೆಯ ಪದಾಧಿಕಾರಿಗಳು ಹಾಗೂ ಸದಸ್ಯರು ಉಪಸ್ಥಿತರಿದ್ದರು. ಕಾರ್ಯಕ್ರಮವನ್ನು ಸ್ವಾಗತ ಭಾಷಣದೊಂದಿಗೆ ಆರಂಭಿಸಲಾಯಿತು. ಕೊನೆಯಲ್ಲಿ ವಂದನಾರ್ಪಣೆ ನೆರವೇರಿತು.
